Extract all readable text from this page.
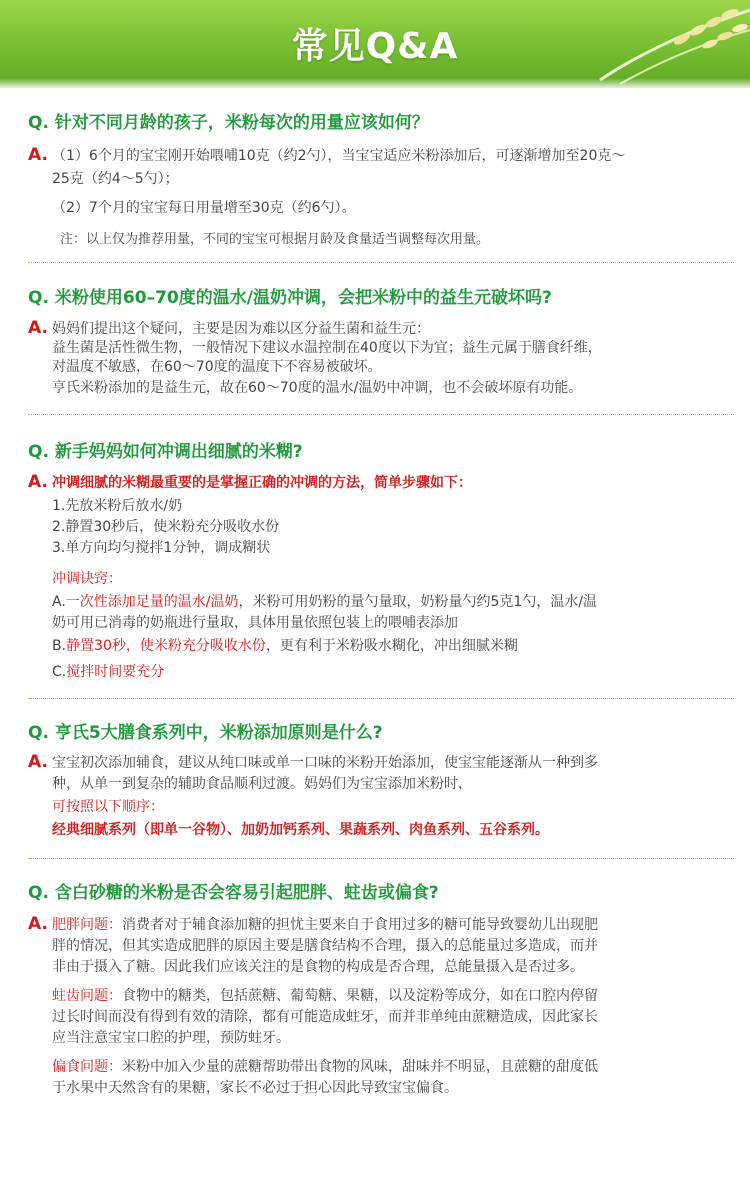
常见Q&A
Q. 针对不同月龄的孩子，米粉每次的用量应该如何？
A. （1）6个月的宝宝刚开始喂哺10克（约2勺），当宝宝适应米粉添加后，可逐渐增加至20克～
25克（约4～5勺）；
（2）7个月的宝宝每日用量增至30克（约6勺）。
注：以上仅为推荐用量，不同的宝宝可根据月龄及食量适当调整每次用量。
Q. 米粉使用60–70度的温水/温奶冲调，会把米粉中的益生元破坏吗?
A. 妈妈们提出这个疑问，主要是因为难以区分益生菌和益生元：
益生菌是活性微生物，一般情况下建议水温控制在40度以下为宜；益生元属于膳食纤维，
对温度不敏感，在60～70度的温度下不容易被破坏。
亨氏米粉添加的是益生元，故在60～70度的温水/温奶中冲调，也不会破坏原有功能。
Q. 新手妈妈如何冲调出细腻的米糊?
A. 冲调细腻的米糊最重要的是掌握正确的冲调的方法，简单步骤如下：
1.先放米粉后放水/奶
2.静置30秒后，使米粉充分吸收水份
3.单方向均匀搅拌1分钟，调成糊状
冲调诀窍：
A.一次性添加足量的温水/温奶，米粉可用奶粉的量勺量取，奶粉量勺约5克1勺，温水/温
奶可用已消毒的奶瓶进行量取，具体用量依照包装上的喂哺表添加
B.静置30秒，使米粉充分吸收水份，更有利于米粉吸水糊化，冲出细腻米糊
C.搅拌时间要充分
Q. 亨氏5大膳食系列中，米粉添加原则是什么?
A. 宝宝初次添加辅食，建议从纯口味或单一口味的米粉开始添加，使宝宝能逐渐从一种到多
种，从单一到复杂的辅助食品顺利过渡。妈妈们为宝宝添加米粉时，
可按照以下顺序：
经典细腻系列（即单一谷物）、加奶加钙系列、果蔬系列、肉鱼系列、五谷系列。
Q. 含白砂糖的米粉是否会容易引起肥胖、蛀齿或偏食?
A. 肥胖问题：消费者对于辅食添加糖的担忧主要来自于食用过多的糖可能导致婴幼儿出现肥
胖的情况，但其实造成肥胖的原因主要是膳食结构不合理，摄入的总能量过多造成，而并
非由于摄入了糖。因此我们应该关注的是食物的构成是否合理，总能量摄入是否过多。
蛀齿问题：食物中的糖类，包括蔗糖、葡萄糖、果糖，以及淀粉等成分，如在口腔内停留
过长时间而没有得到有效的清除，都有可能造成蛀牙，而并非单纯由蔗糖造成，因此家长
应当注意宝宝口腔的护理，预防蛀牙。
偏食问题：米粉中加入少量的蔗糖帮助带出食物的风味，甜味并不明显，且蔗糖的甜度低
于水果中天然含有的果糖，家长不必过于担心因此导致宝宝偏食。
